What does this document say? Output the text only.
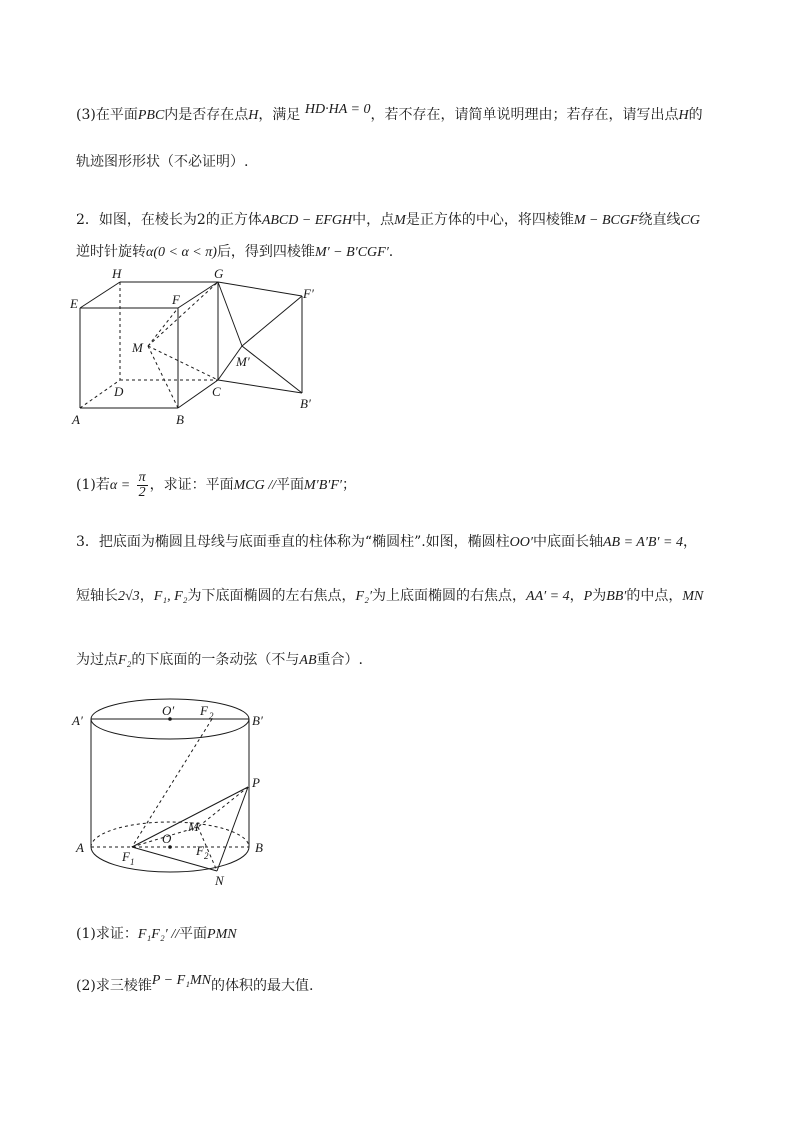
(3)在平面PBC内是否存在点H，满足 HD·HA = 0，若不存在，请简单说明理由；若存在，请写出点H的
轨迹图形形状（不必证明）.
2．如图，在棱长为2的正方体ABCD − EFGH中，点M是正方体的中心，将四棱锥M − BCGF绕直线CG
逆时针旋转α(0 < α < π)后，得到四棱锥M′ − B′CGF′.
H	G
E	F	F′
M
M′
D	C
A	B
B′
(1)若$\alpha = \frac{\pi}{2}$ ，求证：平面MCG //平面M′B′F′；
3．把底面为椭圆且母线与底面垂直的柱体称为“椭圆柱”.如图，椭圆柱OO′中底面长轴AB = A′B′ = 4，
短轴长2√3，F₁, F₂为下底面椭圆的左右焦点，F₂′为上底面椭圆的右焦点，AA′ = 4，P为BB′的中点，MN
为过点F₂的下底面的一条动弦（不与AB重合）.
A′
O′ F 2	B′
P
M
O
A	B
F 1
F 2
N
(1)求证：F₁F₂′ //平面PMN
(2)求三棱锥P − F₁MN的体积的最大值.
